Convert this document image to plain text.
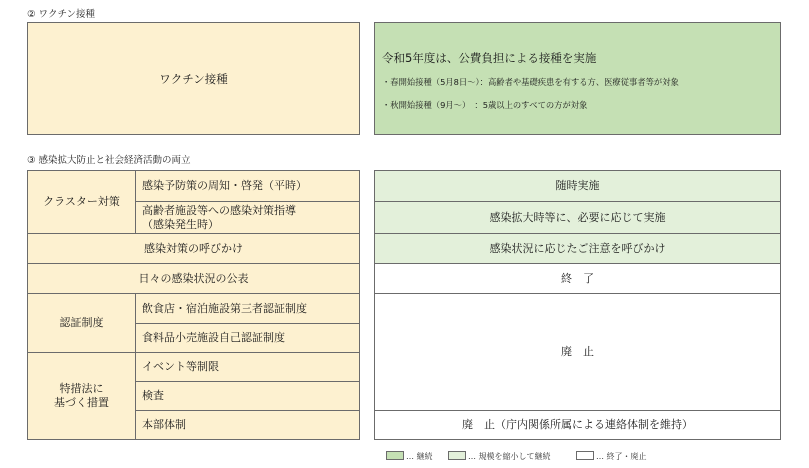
② ワクチン接種
ワクチン接種
令和5年度は、公費負担による接種を実施
・春開始接種（5月8日～）：高齢者や基礎疾患を有する方、医療従事者等が対象
・秋開始接種（9月～）　：5歳以上のすべての方が対象
③ 感染拡大防止と社会経済活動の両立
クラスター対策
感染予防策の周知・啓発（平時）
高齢者施設等への感染対策指導
（感染発生時）
感染対策の呼びかけ
日々の感染状況の公表
認証制度
飲食店・宿泊施設第三者認証制度
食料品小売施設自己認証制度
特措法に
基づく措置
イベント等制限
検査
本部体制
随時実施
感染拡大時等に、必要に応じて実施
感染状況に応じたご注意を呼びかけ
終　了
廃　止
廃　止（庁内関係所属による連絡体制を維持）
… 継続	… 規模を縮小して継続	… 終了・廃止
